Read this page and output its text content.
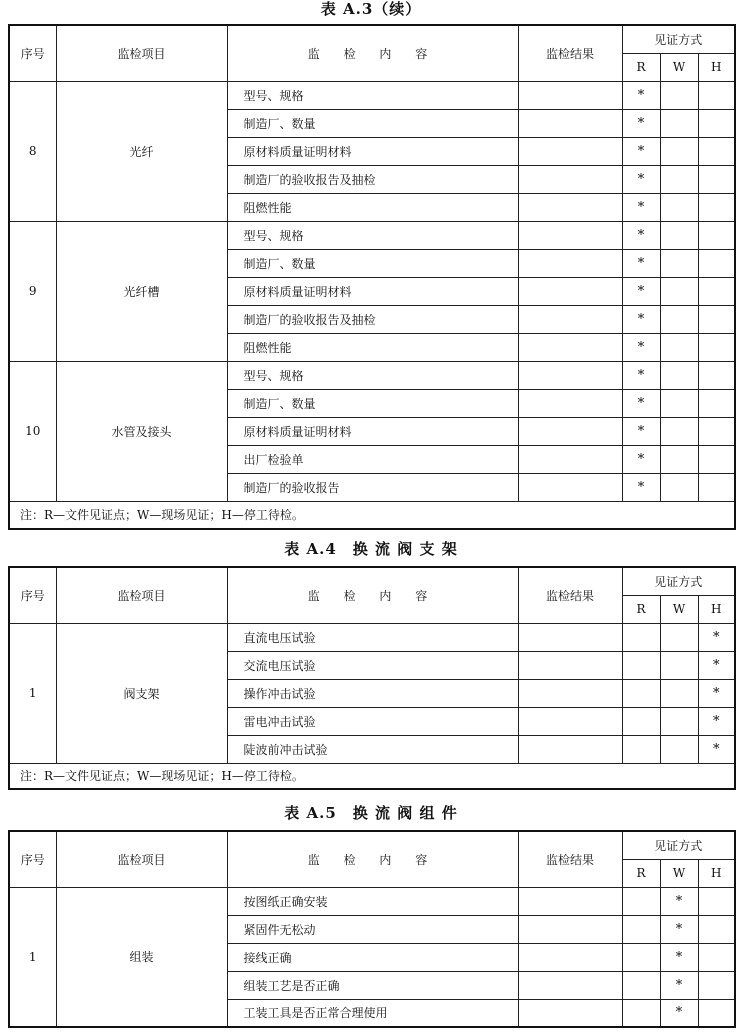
表 A.3（续）
序号	监检项目	监 检 内 容	监检结果	见证方式		
				R	W	H
8	光纤	型号、规格		*		
		制造厂、数量		*		
		原材料质量证明材料		*		
		制造厂的验收报告及抽检		*		
		阻燃性能		*		
9	光纤槽	型号、规格		*		
		制造厂、数量		*		
		原材料质量证明材料		*		
		制造厂的验收报告及抽检		*		
		阻燃性能		*		
10	水管及接头	型号、规格		*		
		制造厂、数量		*		
		原材料质量证明材料		*		
		出厂检验单		*		
		制造厂的验收报告		*		
注：R—文件见证点；W—现场见证；H—停工待检。						
表 A.4　换 流 阀 支 架
序号	监检项目	监 检 内 容	监检结果	见证方式		
				R	W	H
1	阀支架	直流电压试验				*
		交流电压试验				*
		操作冲击试验				*
		雷电冲击试验				*
		陡波前冲击试验				*
注：R—文件见证点；W—现场见证；H—停工待检。						
表 A.5　换 流 阀 组 件
序号	监检项目	监 检 内 容	监检结果	见证方式		
				R	W	H
1	组装	按图纸正确安装			*	
		紧固件无松动			*	
		接线正确			*	
		组装工艺是否正确			*	
		工装工具是否正常合理使用			*	
